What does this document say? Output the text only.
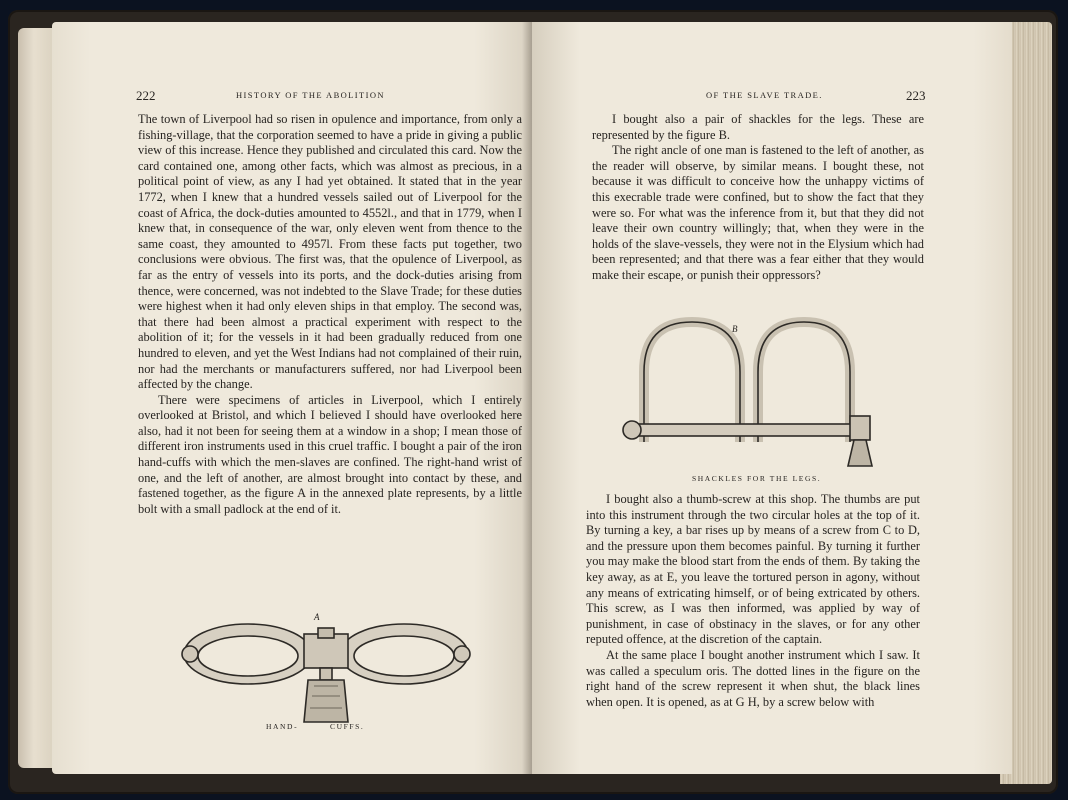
222	HISTORY OF THE ABOLITION

The town of Liverpool had so risen in opulence and importance, from only a fishing-village, that the corporation seemed to have a pride in giving a public view of this increase. Hence they published and circulated this card. Now the card contained one, among other facts, which was almost as precious, in a political point of view, as any I had yet obtained. It stated that in the year 1772, when I knew that a hundred vessels sailed out of Liverpool for the coast of Africa, the dock-duties amounted to 4552l., and that in 1779, when I knew that, in consequence of the war, only eleven went from thence to the same coast, they amounted to 4957l. From these facts put together, two conclusions were obvious. The first was, that the opulence of Liverpool, as far as the entry of vessels into its ports, and the dock-duties arising from thence, were concerned, was not indebted to the Slave Trade; for these duties were highest when it had only eleven ships in that employ. The second was, that there had been almost a practical experiment with respect to the abolition of it; for the vessels in it had been gradually reduced from one hundred to eleven, and yet the West Indians had not complained of their ruin, nor had the merchants or manufacturers suffered, nor had Liverpool been affected by the change.

There were specimens of articles in Liverpool, which I entirely overlooked at Bristol, and which I believed I should have overlooked here also, had it not been for seeing them at a window in a shop; I mean those of different iron instruments used in this cruel traffic. I bought a pair of the iron hand-cuffs with which the men-slaves are confined. The right-hand wrist of one, and the left of another, are almost brought into contact by these, and fastened together, as the figure A in the annexed plate represents, by a little bolt with a small padlock at the end of it.

A
HAND-	CUFFS.
OF THE SLAVE TRADE.	223

I bought also a pair of shackles for the legs. These are represented by the figure B.

The right ancle of one man is fastened to the left of another, as the reader will observe, by similar means. I bought these, not because it was difficult to conceive how the unhappy victims of this execrable trade were confined, but to show the fact that they were so. For what was the inference from it, but that they did not leave their own country willingly; that, when they were in the holds of the slave-vessels, they were not in the Elysium which had been represented; and that there was a fear either that they would make their escape, or punish their oppressors?

B
SHACKLES FOR THE LEGS.

I bought also a thumb-screw at this shop. The thumbs are put into this instrument through the two circular holes at the top of it. By turning a key, a bar rises up by means of a screw from C to D, and the pressure upon them becomes painful. By turning it further you may make the blood start from the ends of them. By taking the key away, as at E, you leave the tortured person in agony, without any means of extricating himself, or of being extricated by others. This screw, as I was then informed, was applied by way of punishment, in case of obstinacy in the slaves, or for any other reputed offence, at the discretion of the captain.

At the same place I bought another instrument which I saw. It was called a speculum oris. The dotted lines in the figure on the right hand of the screw represent it when shut, the black lines when open. It is opened, as at G H, by a screw below with
